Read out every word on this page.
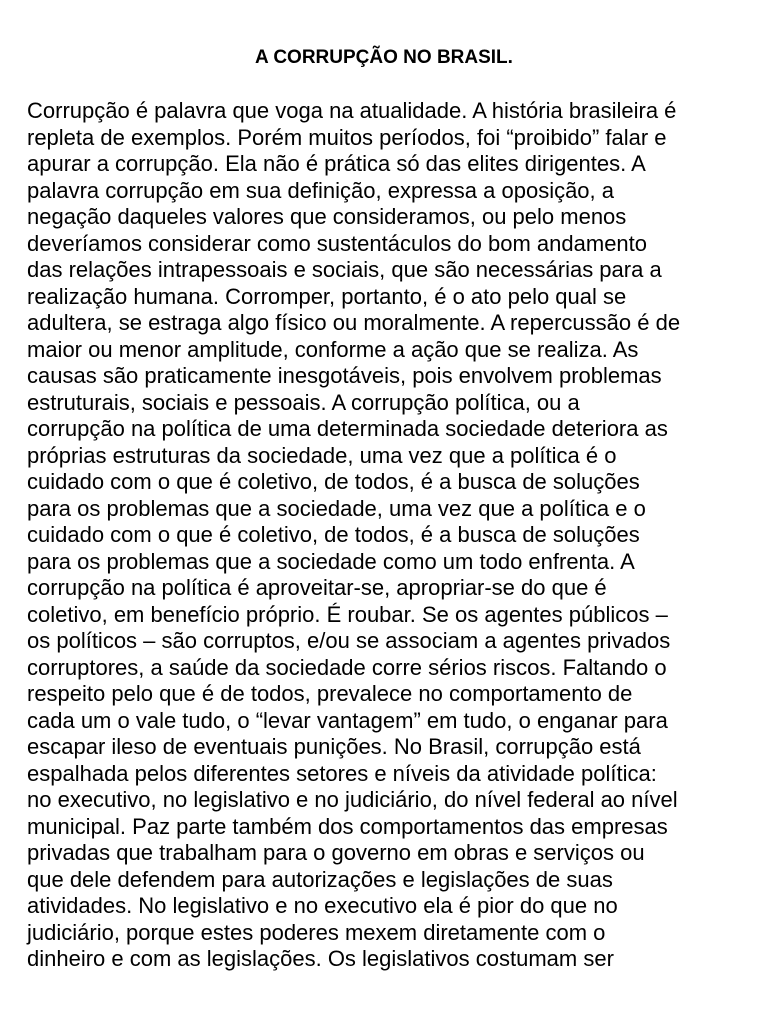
A CORRUPÇÃO NO BRASIL.
Corrupção é palavra que voga na atualidade. A história brasileira é
repleta de exemplos. Porém muitos períodos, foi “proibido” falar e
apurar a corrupção. Ela não é prática só das elites dirigentes. A
palavra corrupção em sua definição, expressa a oposição, a
negação daqueles valores que consideramos, ou pelo menos
deveríamos considerar como sustentáculos do bom andamento
das relações intrapessoais e sociais, que são necessárias para a
realização humana. Corromper, portanto, é o ato pelo qual se
adultera, se estraga algo físico ou moralmente. A repercussão é de
maior ou menor amplitude, conforme a ação que se realiza. As
causas são praticamente inesgotáveis, pois envolvem problemas
estruturais, sociais e pessoais. A corrupção política, ou a
corrupção na política de uma determinada sociedade deteriora as
próprias estruturas da sociedade, uma vez que a política é o
cuidado com o que é coletivo, de todos, é a busca de soluções
para os problemas que a sociedade, uma vez que a política e o
cuidado com o que é coletivo, de todos, é a busca de soluções
para os problemas que a sociedade como um todo enfrenta. A
corrupção na política é aproveitar-se, apropriar-se do que é
coletivo, em benefício próprio. É roubar. Se os agentes públicos –
os políticos – são corruptos, e/ou se associam a agentes privados
corruptores, a saúde da sociedade corre sérios riscos. Faltando o
respeito pelo que é de todos, prevalece no comportamento de
cada um o vale tudo, o “levar vantagem” em tudo, o enganar para
escapar ileso de eventuais punições. No Brasil, corrupção está
espalhada pelos diferentes setores e níveis da atividade política:
no executivo, no legislativo e no judiciário, do nível federal ao nível
municipal. Paz parte também dos comportamentos das empresas
privadas que trabalham para o governo em obras e serviços ou
que dele defendem para autorizações e legislações de suas
atividades. No legislativo e no executivo ela é pior do que no
judiciário, porque estes poderes mexem diretamente com o
dinheiro e com as legislações. Os legislativos costumam ser
